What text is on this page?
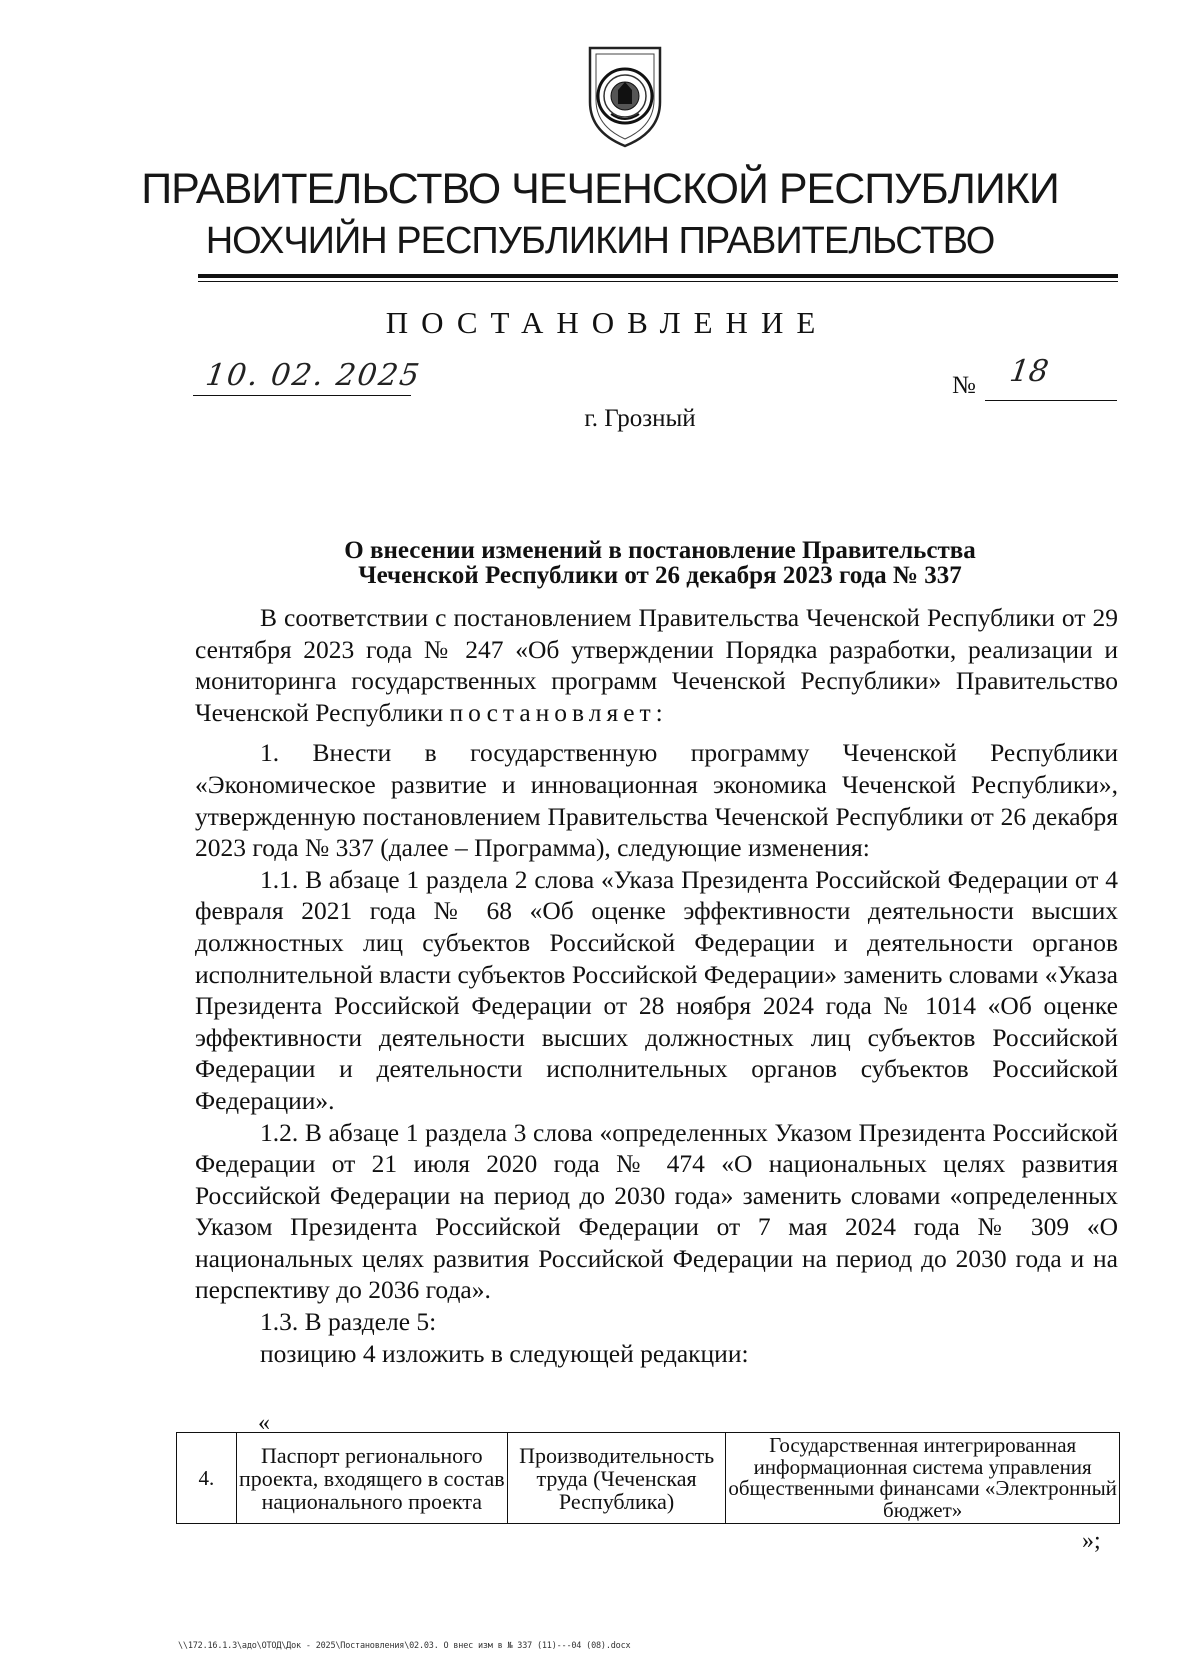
ПРАВИТЕЛЬСТВО ЧЕЧЕНСКОЙ РЕСПУБЛИКИ
НОХЧИЙН РЕСПУБЛИКИН ПРАВИТЕЛЬСТВО
ПОСТАНОВЛЕНИЕ
10. 02. 2025	№ 18
г. Грозный
О внесении изменений в постановление Правительства
Чеченской Республики от 26 декабря 2023 года № 337

В соответствии с постановлением Правительства Чеченской Республики от 29 сентября 2023 года № 247 «Об утверждении Порядка разработки, реализации и мониторинга государственных программ Чеченской Республики» Правительство Чеченской Республики постановляет:

1. Внести в государственную программу Чеченской Республики «Экономическое развитие и инновационная экономика Чеченской Республики», утвержденную постановлением Правительства Чеченской Республики от 26 декабря 2023 года № 337 (далее – Программа), следующие изменения:

1.1. В абзаце 1 раздела 2 слова «Указа Президента Российской Федерации от 4 февраля 2021 года № 68 «Об оценке эффективности деятельности высших должностных лиц субъектов Российской Федерации и деятельности органов исполнительной власти субъектов Российской Федерации» заменить словами «Указа Президента Российской Федерации от 28 ноября 2024 года № 1014 «Об оценке эффективности деятельности высших должностных лиц субъектов Российской Федерации и деятельности исполнительных органов субъектов Российской Федерации».

1.2. В абзаце 1 раздела 3 слова «определенных Указом Президента Российской Федерации от 21 июля 2020 года № 474 «О национальных целях развития Российской Федерации на период до 2030 года» заменить словами «определенных Указом Президента Российской Федерации от 7 мая 2024 года № 309 «О национальных целях развития Российской Федерации на период до 2030 года и на перспективу до 2036 года».

1.3. В разделе 5:

позицию 4 изложить в следующей редакции:

«
4.	Паспорт регионального проекта, входящего в состав национального проекта	Производительность труда (Чеченская Республика)	Государственная интегрированная информационная система управления общественными финансами «Электронный бюджет»
»;
\\172.16.1.3\адо\ОТОД\Док - 2025\Постановления\02.03. О внес изм в № 337 (11)---04 (08).docx
